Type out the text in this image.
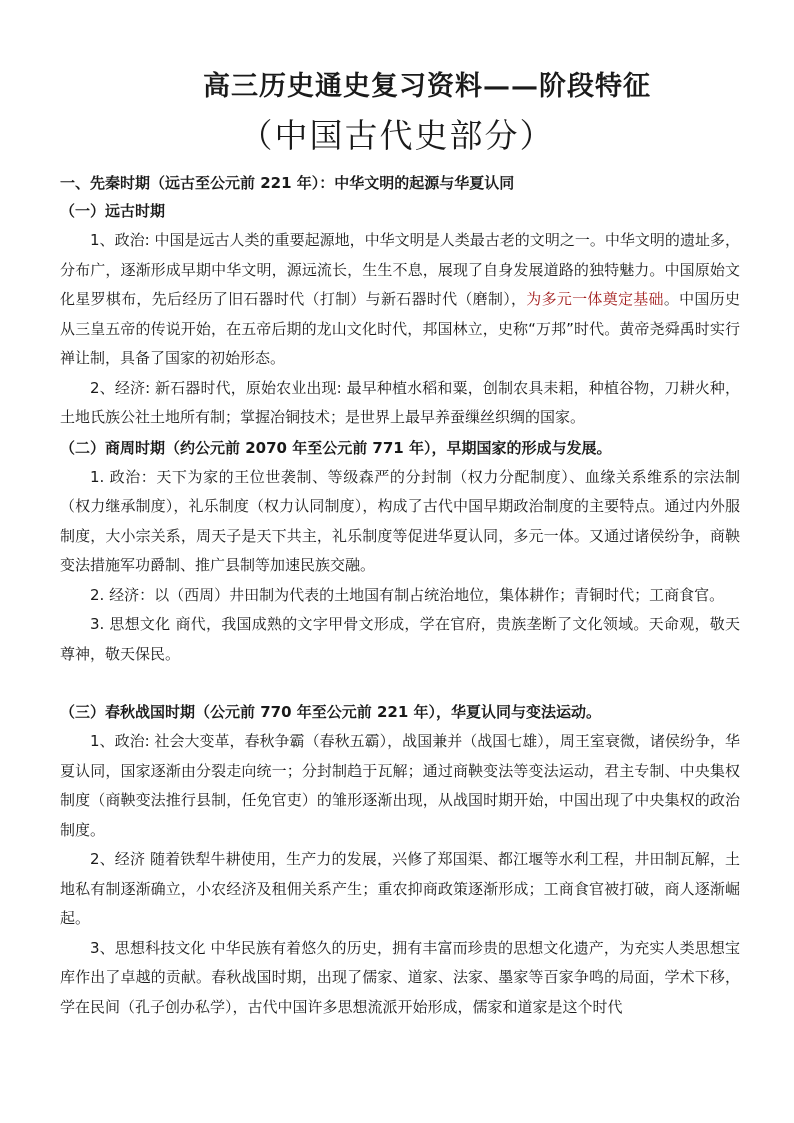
高三历史通史复习资料——阶段特征
（中国古代史部分）
一、先秦时期（远古至公元前 221 年）：中华文明的起源与华夏认同
（一）远古时期

1、政治: 中国是远古人类的重要起源地，中华文明是人类最古老的文明之一。中华文明的遗址多，分布广，逐渐形成早期中华文明，源远流长，生生不息，展现了自身发展道路的独特魅力。中国原始文化星罗棋布，先后经历了旧石器时代（打制）与新石器时代（磨制），为多元一体奠定基础。中国历史从三皇五帝的传说开始，在五帝后期的龙山文化时代，邦国林立，史称“万邦”时代。黄帝尧舜禹时实行禅让制，具备了国家的初始形态。

2、经济: 新石器时代，原始农业出现: 最早种植水稻和粟，创制农具耒耜，种植谷物，刀耕火种，土地氏族公社土地所有制；掌握冶铜技术；是世界上最早养蚕缫丝织绸的国家。

（二）商周时期（约公元前 2070 年至公元前 771 年），早期国家的形成与发展。

1. 政治：天下为家的王位世袭制、等级森严的分封制（权力分配制度）、血缘关系维系的宗法制（权力继承制度），礼乐制度（权力认同制度），构成了古代中国早期政治制度的主要特点。通过内外服制度，大小宗关系，周天子是天下共主，礼乐制度等促进华夏认同，多元一体。又通过诸侯纷争，商鞅变法措施军功爵制、推广县制等加速民族交融。

2. 经济：以（西周）井田制为代表的土地国有制占统治地位，集体耕作；青铜时代；工商食官。

3. 思想文化 商代，我国成熟的文字甲骨文形成，学在官府，贵族垄断了文化领域。天命观，敬天尊神，敬天保民。

（三）春秋战国时期（公元前 770 年至公元前 221 年），华夏认同与变法运动。

1、政治: 社会大变革，春秋争霸（春秋五霸），战国兼并（战国七雄），周王室衰微，诸侯纷争，华夏认同，国家逐渐由分裂走向统一；分封制趋于瓦解；通过商鞅变法等变法运动，君主专制、中央集权制度（商鞅变法推行县制，任免官吏）的雏形逐渐出现，从战国时期开始，中国出现了中央集权的政治制度。

2、经济 随着铁犁牛耕使用，生产力的发展，兴修了郑国渠、都江堰等水利工程，井田制瓦解，土地私有制逐渐确立，小农经济及租佣关系产生；重农抑商政策逐渐形成；工商食官被打破，商人逐渐崛起。

3、思想科技文化 中华民族有着悠久的历史，拥有丰富而珍贵的思想文化遗产，为充实人类思想宝库作出了卓越的贡献。春秋战国时期，出现了儒家、道家、法家、墨家等百家争鸣的局面，学术下移，学在民间（孔子创办私学），古代中国许多思想流派开始形成，儒家和道家是这个时代
